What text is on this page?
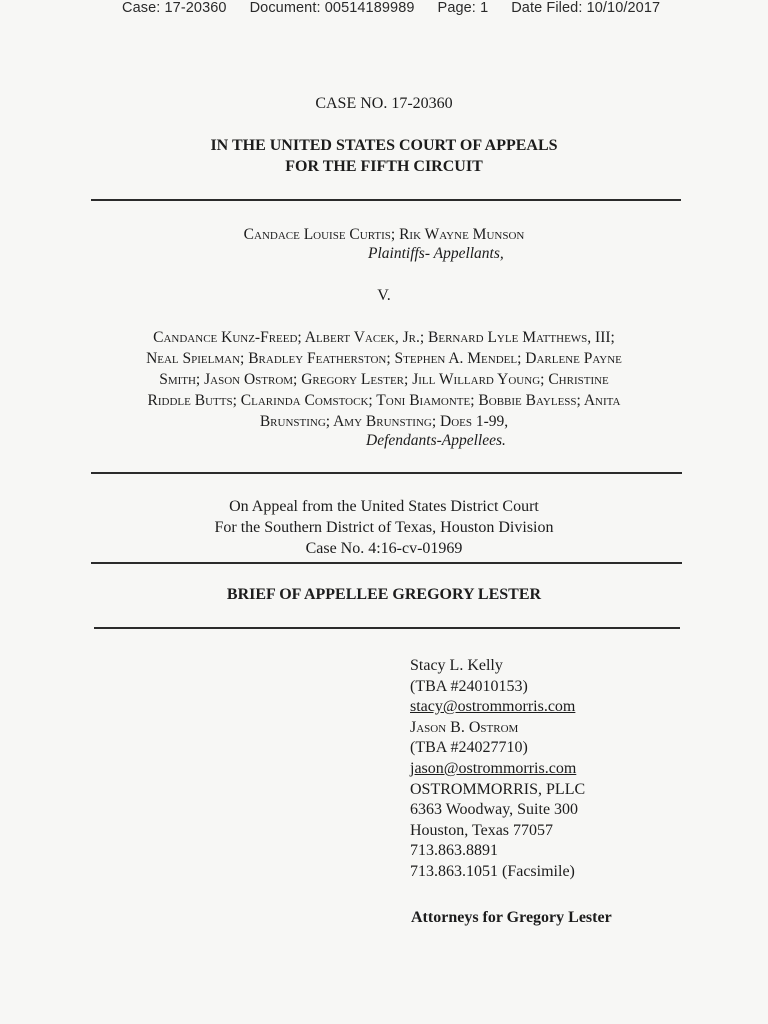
Case: 17-20360 Document: 00514189989 Page: 1 Date Filed: 10/10/2017
CASE NO. 17-20360
IN THE UNITED STATES COURT OF APPEALS
FOR THE FIFTH CIRCUIT
Candace Louise Curtis; Rik Wayne Munson
Plaintiffs- Appellants,
V.
Candance Kunz-Freed; Albert Vacek, Jr.; Bernard Lyle Matthews, III;
Neal Spielman; Bradley Featherston; Stephen A. Mendel; Darlene Payne
Smith; Jason Ostrom; Gregory Lester; Jill Willard Young; Christine
Riddle Butts; Clarinda Comstock; Toni Biamonte; Bobbie Bayless; Anita
Brunsting; Amy Brunsting; Does 1-99,
Defendants-Appellees.
On Appeal from the United States District Court
For the Southern District of Texas, Houston Division
Case No. 4:16-cv-01969
BRIEF OF APPELLEE GREGORY LESTER
Stacy L. Kelly
(TBA #24010153)
stacy@ostrommorris.com
Jason B. Ostrom
(TBA #24027710)
jason@ostrommorris.com
OSTROMMORRIS, PLLC
6363 Woodway, Suite 300
Houston, Texas 77057
713.863.8891
713.863.1051 (Facsimile)
Attorneys for Gregory Lester
